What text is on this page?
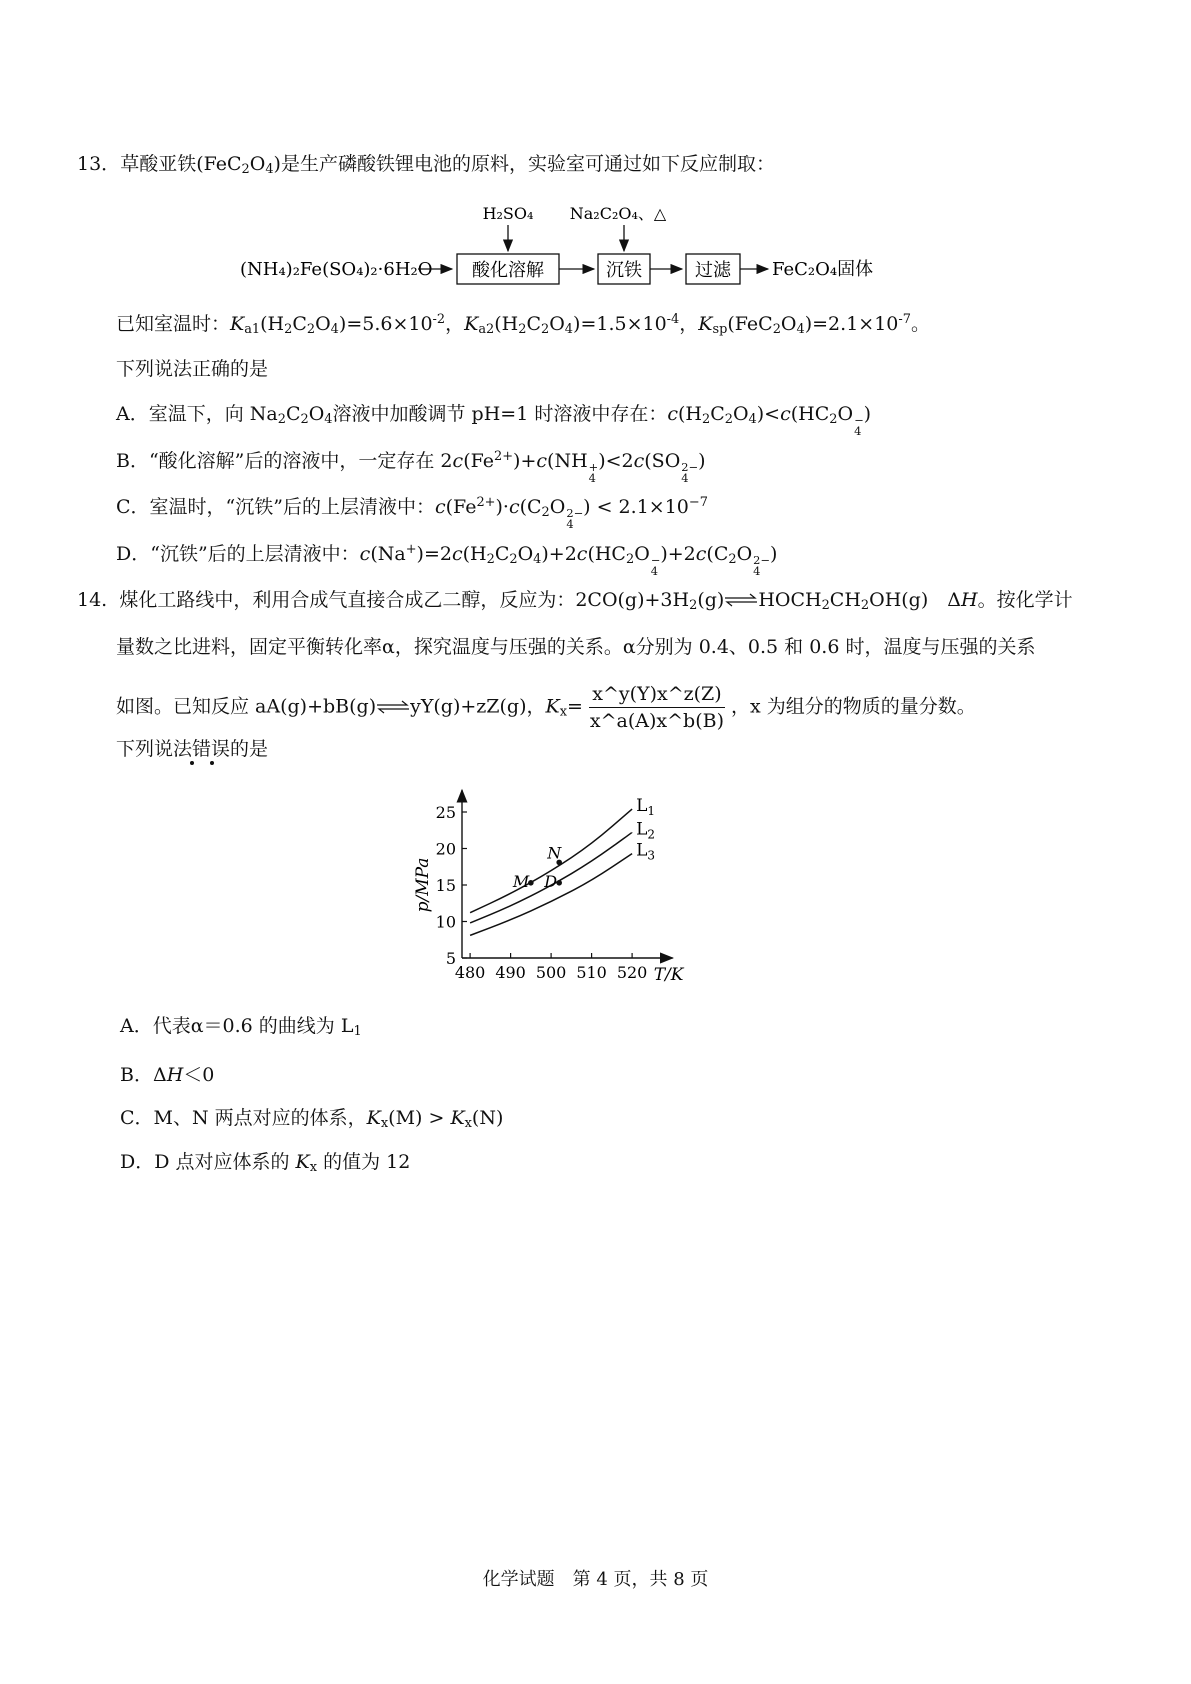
13．草酸亚铁$(FeC_2O_4)$是生产磷酸铁锂电池的原料，实验室可通过如下反应制取：
(NH₄)₂Fe(SO₄)₂·6H₂O 酸化溶解
H₂SO₄
沉铁
Na₂C₂O₄、△
过滤 FeC₂O₄固体
已知室温时：$K_{a1}(H_2C_2O_4)=5.6\times 10^{-2}$，$K_{a2}(H_2C_2O_4)=1.5\times 10^{-4}$，$K_{sp}(FeC_2O_4)=2.1\times 10^{-7}$。
下列说法正确的是
A．室温下，向 $Na_2C_2O_4$溶液中加酸调节 pH=1 时溶液中存在：$c(H_2C_2O_4)<c(HC_2O$ −
4
)
B．“酸化溶解”后的溶液中，一定存在 $2c(Fe^{2+})+c(NH$ +
4
)<2c(SO 2−
4
)
C．室温时，“沉铁”后的上层清液中：$c(Fe^{2+})\cdot c(C_2O$ 2−
4
) < $2.1\times 10^{-7}$
D．“沉铁”后的上层清液中：$c(Na^+)=2c(H_2C_2O_4)+2c(HC_2O$ −
4
)$+2c(C_2O$ 2−
4
)
14. 煤化工路线中，利用合成气直接合成乙二醇，反应为：$2CO(g)+3H_2(g)\rightleftharpoons HOCH_2CH_2OH(g)$　ΔH。按化学计
量数之比进料，固定平衡转化率α，探究温度与压强的关系。α分别为 0.4、0.5 和 0.6 时，温度与压强的关系
如图。已知反应 aA(g)+bB(g)⇌yY(g)+zZ(g)，$K_x= \frac{x\^{}y(Y)x\^{}z(Z)}{x\^{}a(A)x\^{}b(B)}$ ，x 为组分的物质的量分数。
下列说法错误的是
480 490 500 510 520
5
10
15
20
25
T/K
p/MPa
$L_1$
$L_2$
$L_3$
M
N
D
A．代表α＝0.6 的曲线为 $L_1$
B．ΔH＜0
C．M、N 两点对应的体系，$K_x(M) > K_x(N)$
D．D 点对应体系的 $K_x$ 的值为 12
化学试题　第 4 页，共 8 页
